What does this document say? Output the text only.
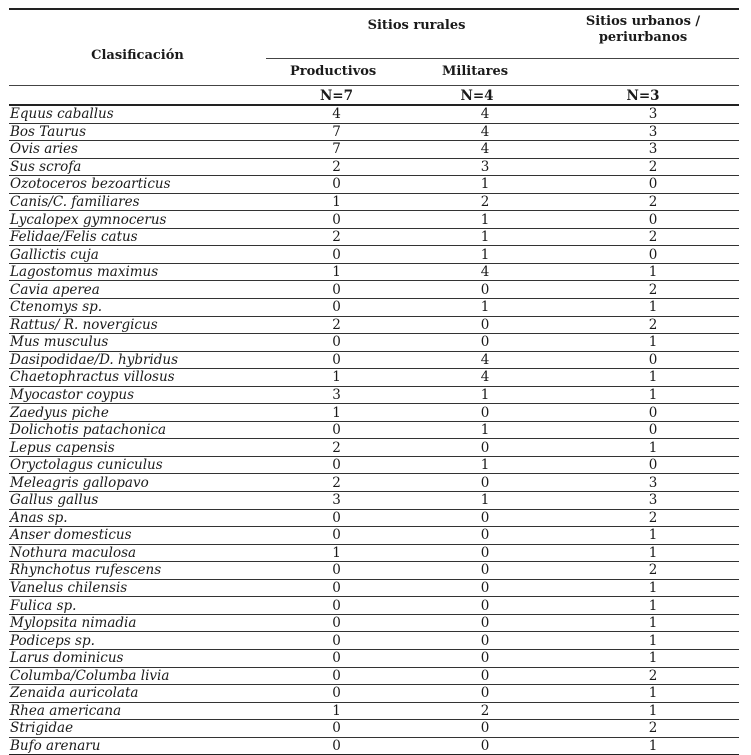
Clasificación	Sitios rurales		Sitios urbanos /
periurbanos

	Productivos	Militares	
	N=7	N=4	N=3
Equus caballus	4	4	3
Bos Taurus	7	4	3
Ovis aries	7	4	3
Sus scrofa	2	3	2
Ozotoceros bezoarticus	0	1	0
Canis/C. familiares	1	2	2
Lycalopex gymnocerus	0	1	0
Felidae/Felis catus	2	1	2
Gallictis cuja	0	1	0
Lagostomus maximus	1	4	1
Cavia aperea	0	0	2
Ctenomys sp.	0	1	1
Rattus/ R. novergicus	2	0	2
Mus musculus	0	0	1
Dasipodidae/D. hybridus	0	4	0
Chaetophractus villosus	1	4	1
Myocastor coypus	3	1	1
Zaedyus piche	1	0	0
Dolichotis patachonica	0	1	0
Lepus capensis	2	0	1
Oryctolagus cuniculus	0	1	0
Meleagris gallopavo	2	0	3
Gallus gallus	3	1	3
Anas sp.	0	0	2
Anser domesticus	0	0	1
Nothura maculosa	1	0	1
Rhynchotus rufescens	0	0	2
Vanelus chilensis	0	0	1
Fulica sp.	0	0	1
Mylopsita nimadia	0	0	1
Podiceps sp.	0	0	1
Larus dominicus	0	0	1
Columba/Columba livia	0	0	2
Zenaida auricolata	0	0	1
Rhea americana	1	2	1
Strigidae	0	0	2
Bufo arenaru	0	0	1
